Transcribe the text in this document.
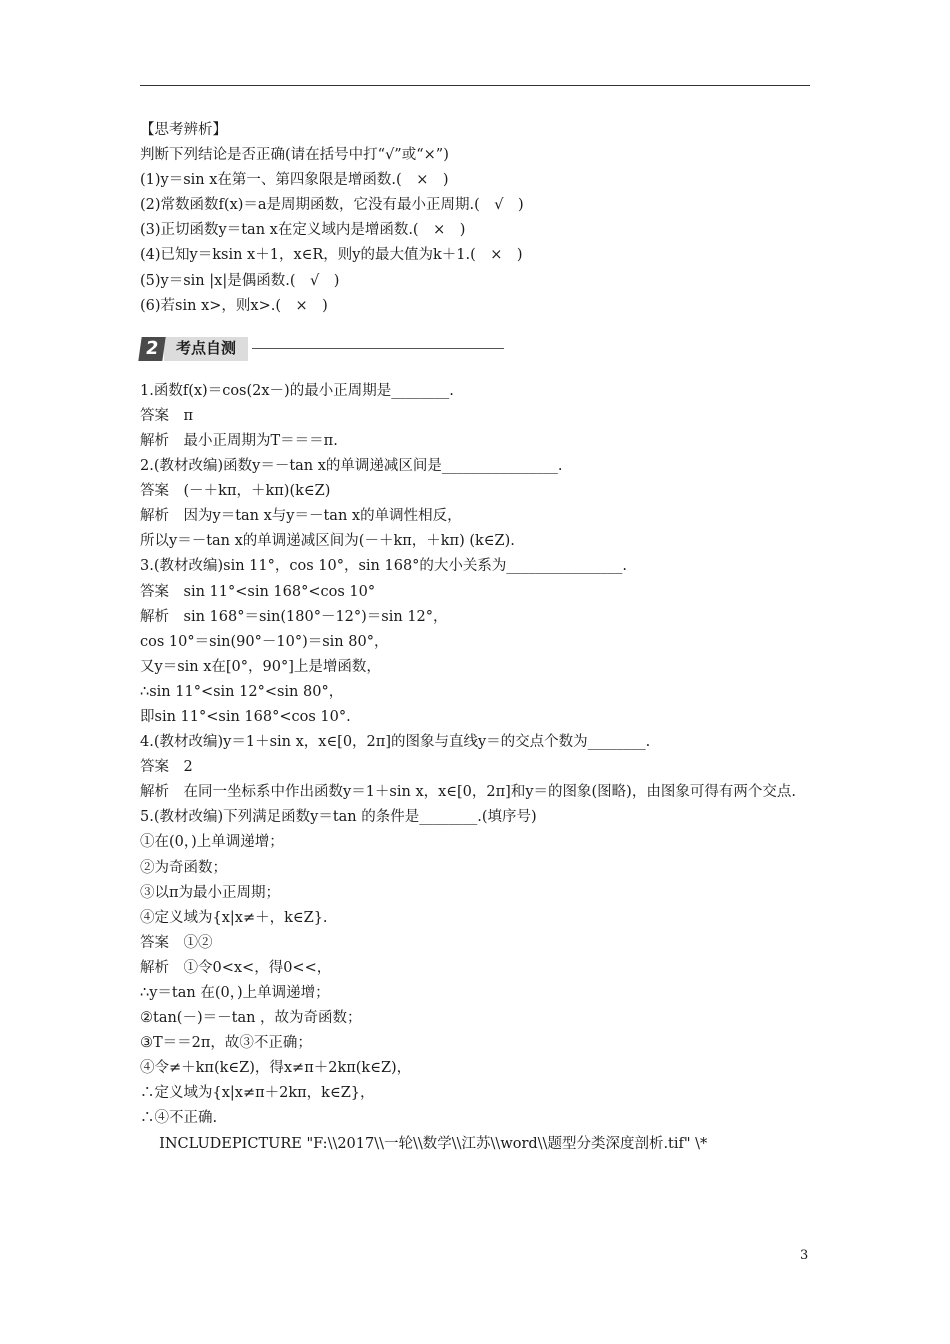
【思考辨析】
判断下列结论是否正确(请在括号中打“√”或“×”)
(1)y＝sin x在第一、第四象限是增函数.(　×　)
(2)常数函数f(x)＝a是周期函数，它没有最小正周期.(　√　)
(3)正切函数y＝tan x在定义域内是增函数.(　×　)
(4)已知y＝ksin x＋1，x∈R，则y的最大值为k＋1.(　×　)
(5)y＝sin |x|是偶函数.(　√　)
(6)若sin x>，则x>.(　×　)
2	考点自测
1.函数f(x)＝cos(2x－)的最小正周期是________.
答案　π
解析　最小正周期为T＝＝＝π.
2.(教材改编)函数y＝－tan x的单调递减区间是________________.
答案　(－＋kπ，＋kπ)(k∈Z)
解析　因为y＝tan x与y＝－tan x的单调性相反，
所以y＝－tan x的单调递减区间为(－＋kπ，＋kπ) (k∈Z).
3.(教材改编)sin 11°，cos 10°，sin 168°的大小关系为________________.
答案　sin 11°<sin 168°<cos 10°
解析　sin 168°＝sin(180°－12°)＝sin 12°，
cos 10°＝sin(90°－10°)＝sin 80°，
又y＝sin x在[0°，90°]上是增函数，
∴sin 11°<sin 12°<sin 80°，
即sin 11°<sin 168°<cos 10°.
4.(教材改编)y＝1＋sin x，x∈[0，2π]的图象与直线y＝的交点个数为________.
答案　2
解析　在同一坐标系中作出函数y＝1＋sin x，x∈[0，2π]和y＝的图象(图略)，由图象可得有两个交点.
5.(教材改编)下列满足函数y＝tan 的条件是________.(填序号)
①在(0，)上单调递增；
②为奇函数；
③以π为最小正周期；
④定义域为{x|x≠＋，k∈Z}.
答案　①②
解析　①令0<x<，得0<<，
∴y＝tan 在(0，)上单调递增；
②tan(－)＝－tan ，故为奇函数；
③T＝＝2π，故③不正确；
④令≠＋kπ(k∈Z)，得x≠π＋2kπ(k∈Z)，
∴定义域为{x|x≠π＋2kπ，k∈Z}，
∴④不正确.
　 INCLUDEPICTURE "F:\\2017\\一轮\\数学\\江苏\\word\\题型分类深度剖析.tif" \*
3
